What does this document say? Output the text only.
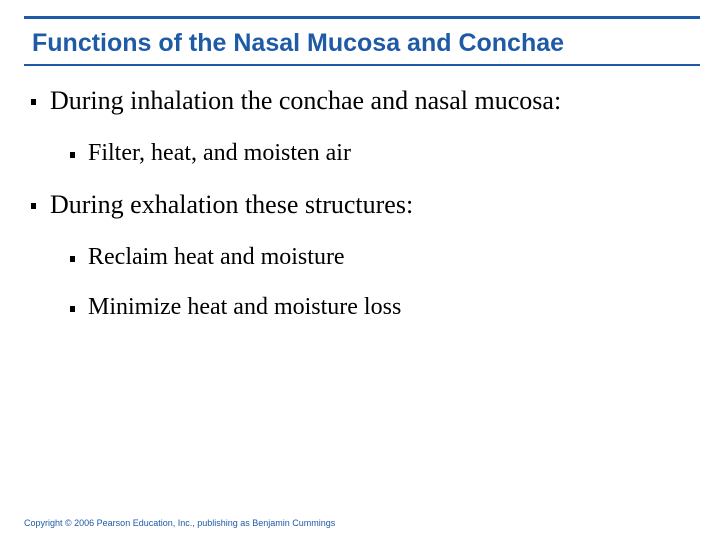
Functions of the Nasal Mucosa and Conchae
During inhalation the conchae and nasal mucosa:
Filter, heat, and moisten air
During exhalation these structures:
Reclaim heat and moisture
Minimize heat and moisture loss
Copyright © 2006 Pearson Education, Inc., publishing as Benjamin Cummings
